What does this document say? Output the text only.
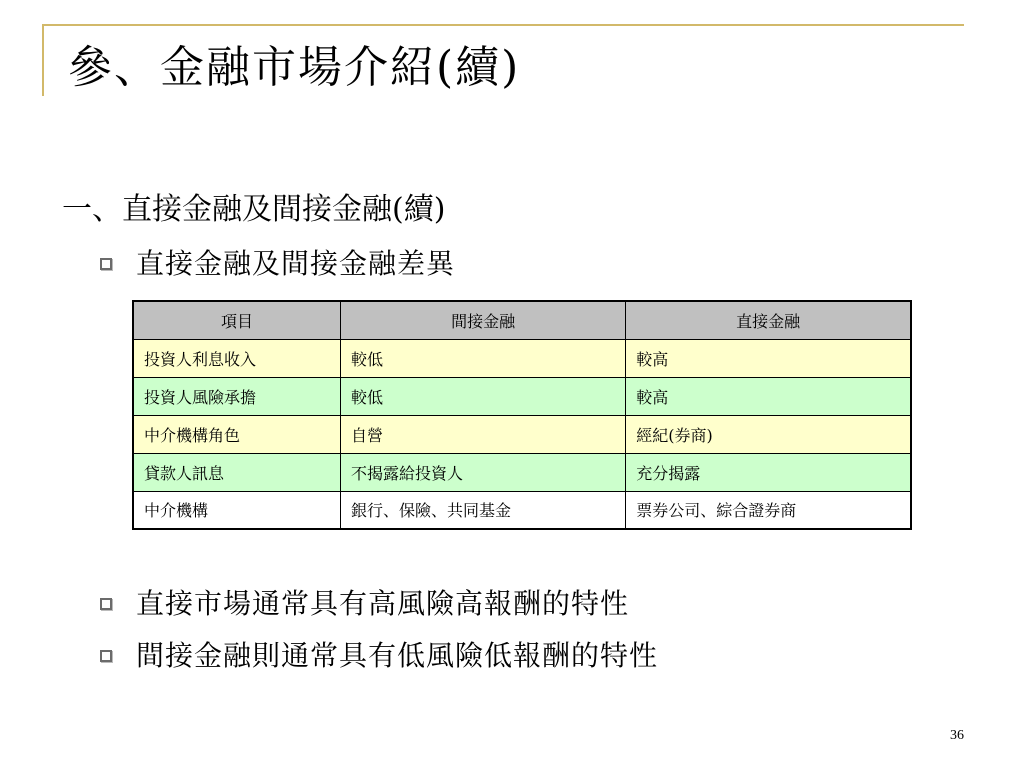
參、金融市場介紹(續)
一、直接金融及間接金融(續)
直接金融及間接金融差異
項目	間接金融	直接金融
投資人利息收入	較低	較高
投資人風險承擔	較低	較高
中介機構角色	自營	經紀(券商)
貸款人訊息	不揭露給投資人	充分揭露
中介機構	銀行、保險、共同基金	票券公司、綜合證券商
直接市場通常具有高風險高報酬的特性
間接金融則通常具有低風險低報酬的特性
36
